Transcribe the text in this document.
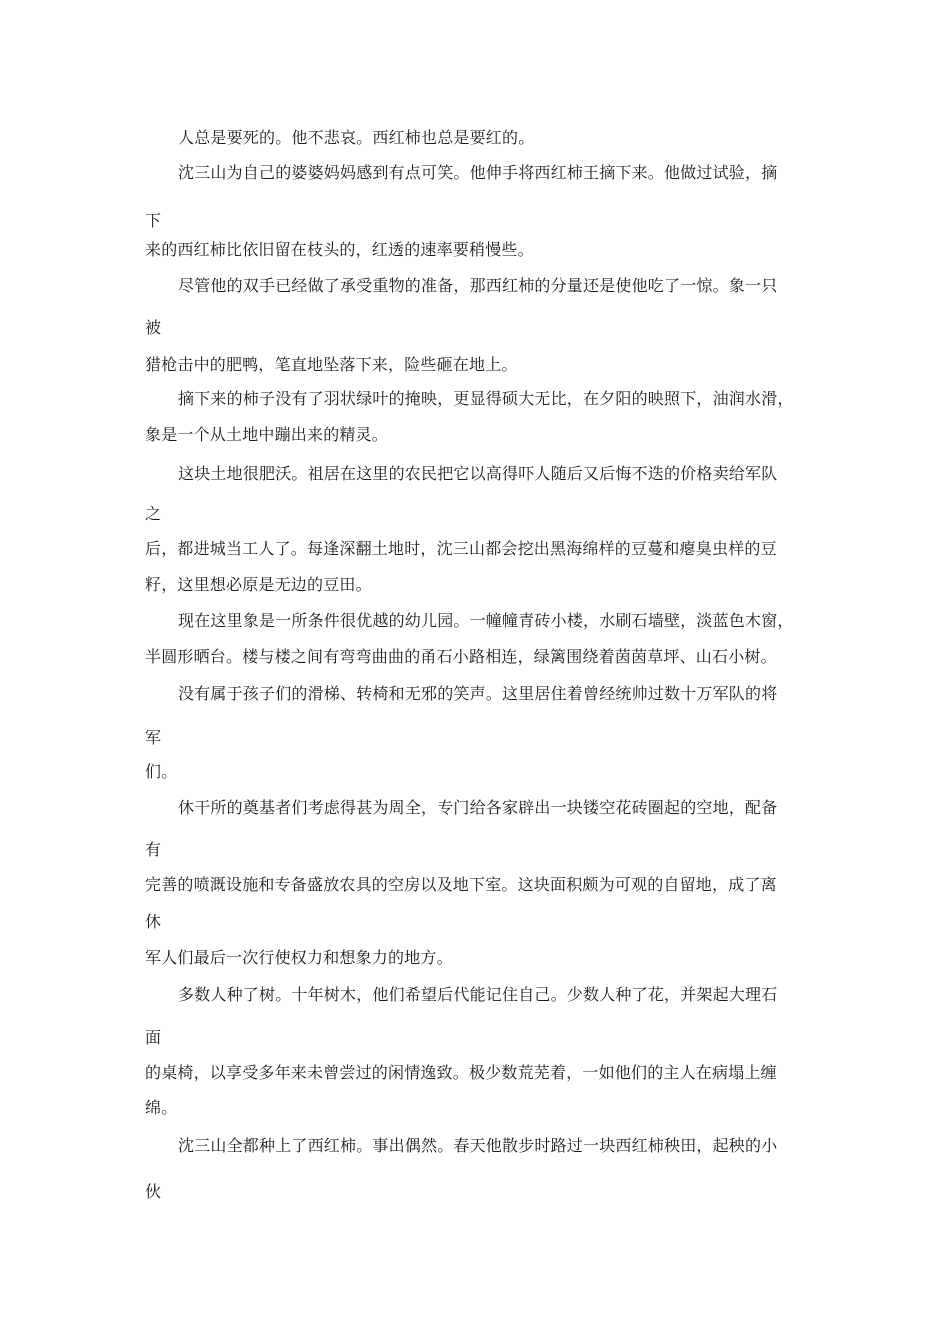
人总是要死的。他不悲哀。西红柿也总是要红的。
沈三山为自己的婆婆妈妈感到有点可笑。他伸手将西红柿王摘下来。他做过试验，摘
下
来的西红柿比依旧留在枝头的，红透的速率要稍慢些。
尽管他的双手已经做了承受重物的准备，那西红柿的分量还是使他吃了一惊。象一只
被
猎枪击中的肥鸭，笔直地坠落下来，险些砸在地上。
摘下来的柿子没有了羽状绿叶的掩映，更显得硕大无比，在夕阳的映照下，油润水滑，
象是一个从土地中蹦出来的精灵。
这块土地很肥沃。祖居在这里的农民把它以高得吓人随后又后悔不迭的价格卖给军队
之
后，都进城当工人了。每逢深翻土地时，沈三山都会挖出黑海绵样的豆蔓和瘪臭虫样的豆
籽，这里想必原是无边的豆田。
现在这里象是一所条件很优越的幼儿园。一幢幢青砖小楼，水刷石墙壁，淡蓝色木窗，
半圆形晒台。楼与楼之间有弯弯曲曲的甬石小路相连，绿篱围绕着茵茵草坪、山石小树。
没有属于孩子们的滑梯、转椅和无邪的笑声。这里居住着曾经统帅过数十万军队的将
军
们。
休干所的奠基者们考虑得甚为周全，专门给各家辟出一块镂空花砖圈起的空地，配备
有
完善的喷溉设施和专备盛放农具的空房以及地下室。这块面积颇为可观的自留地，成了离
休
军人们最后一次行使权力和想象力的地方。
多数人种了树。十年树木，他们希望后代能记住自己。少数人种了花，并架起大理石
面
的桌椅，以享受多年来未曾尝过的闲情逸致。极少数荒芜着，一如他们的主人在病塌上缠
绵。
沈三山全都种上了西红柿。事出偶然。春天他散步时路过一块西红柿秧田，起秧的小
伙
